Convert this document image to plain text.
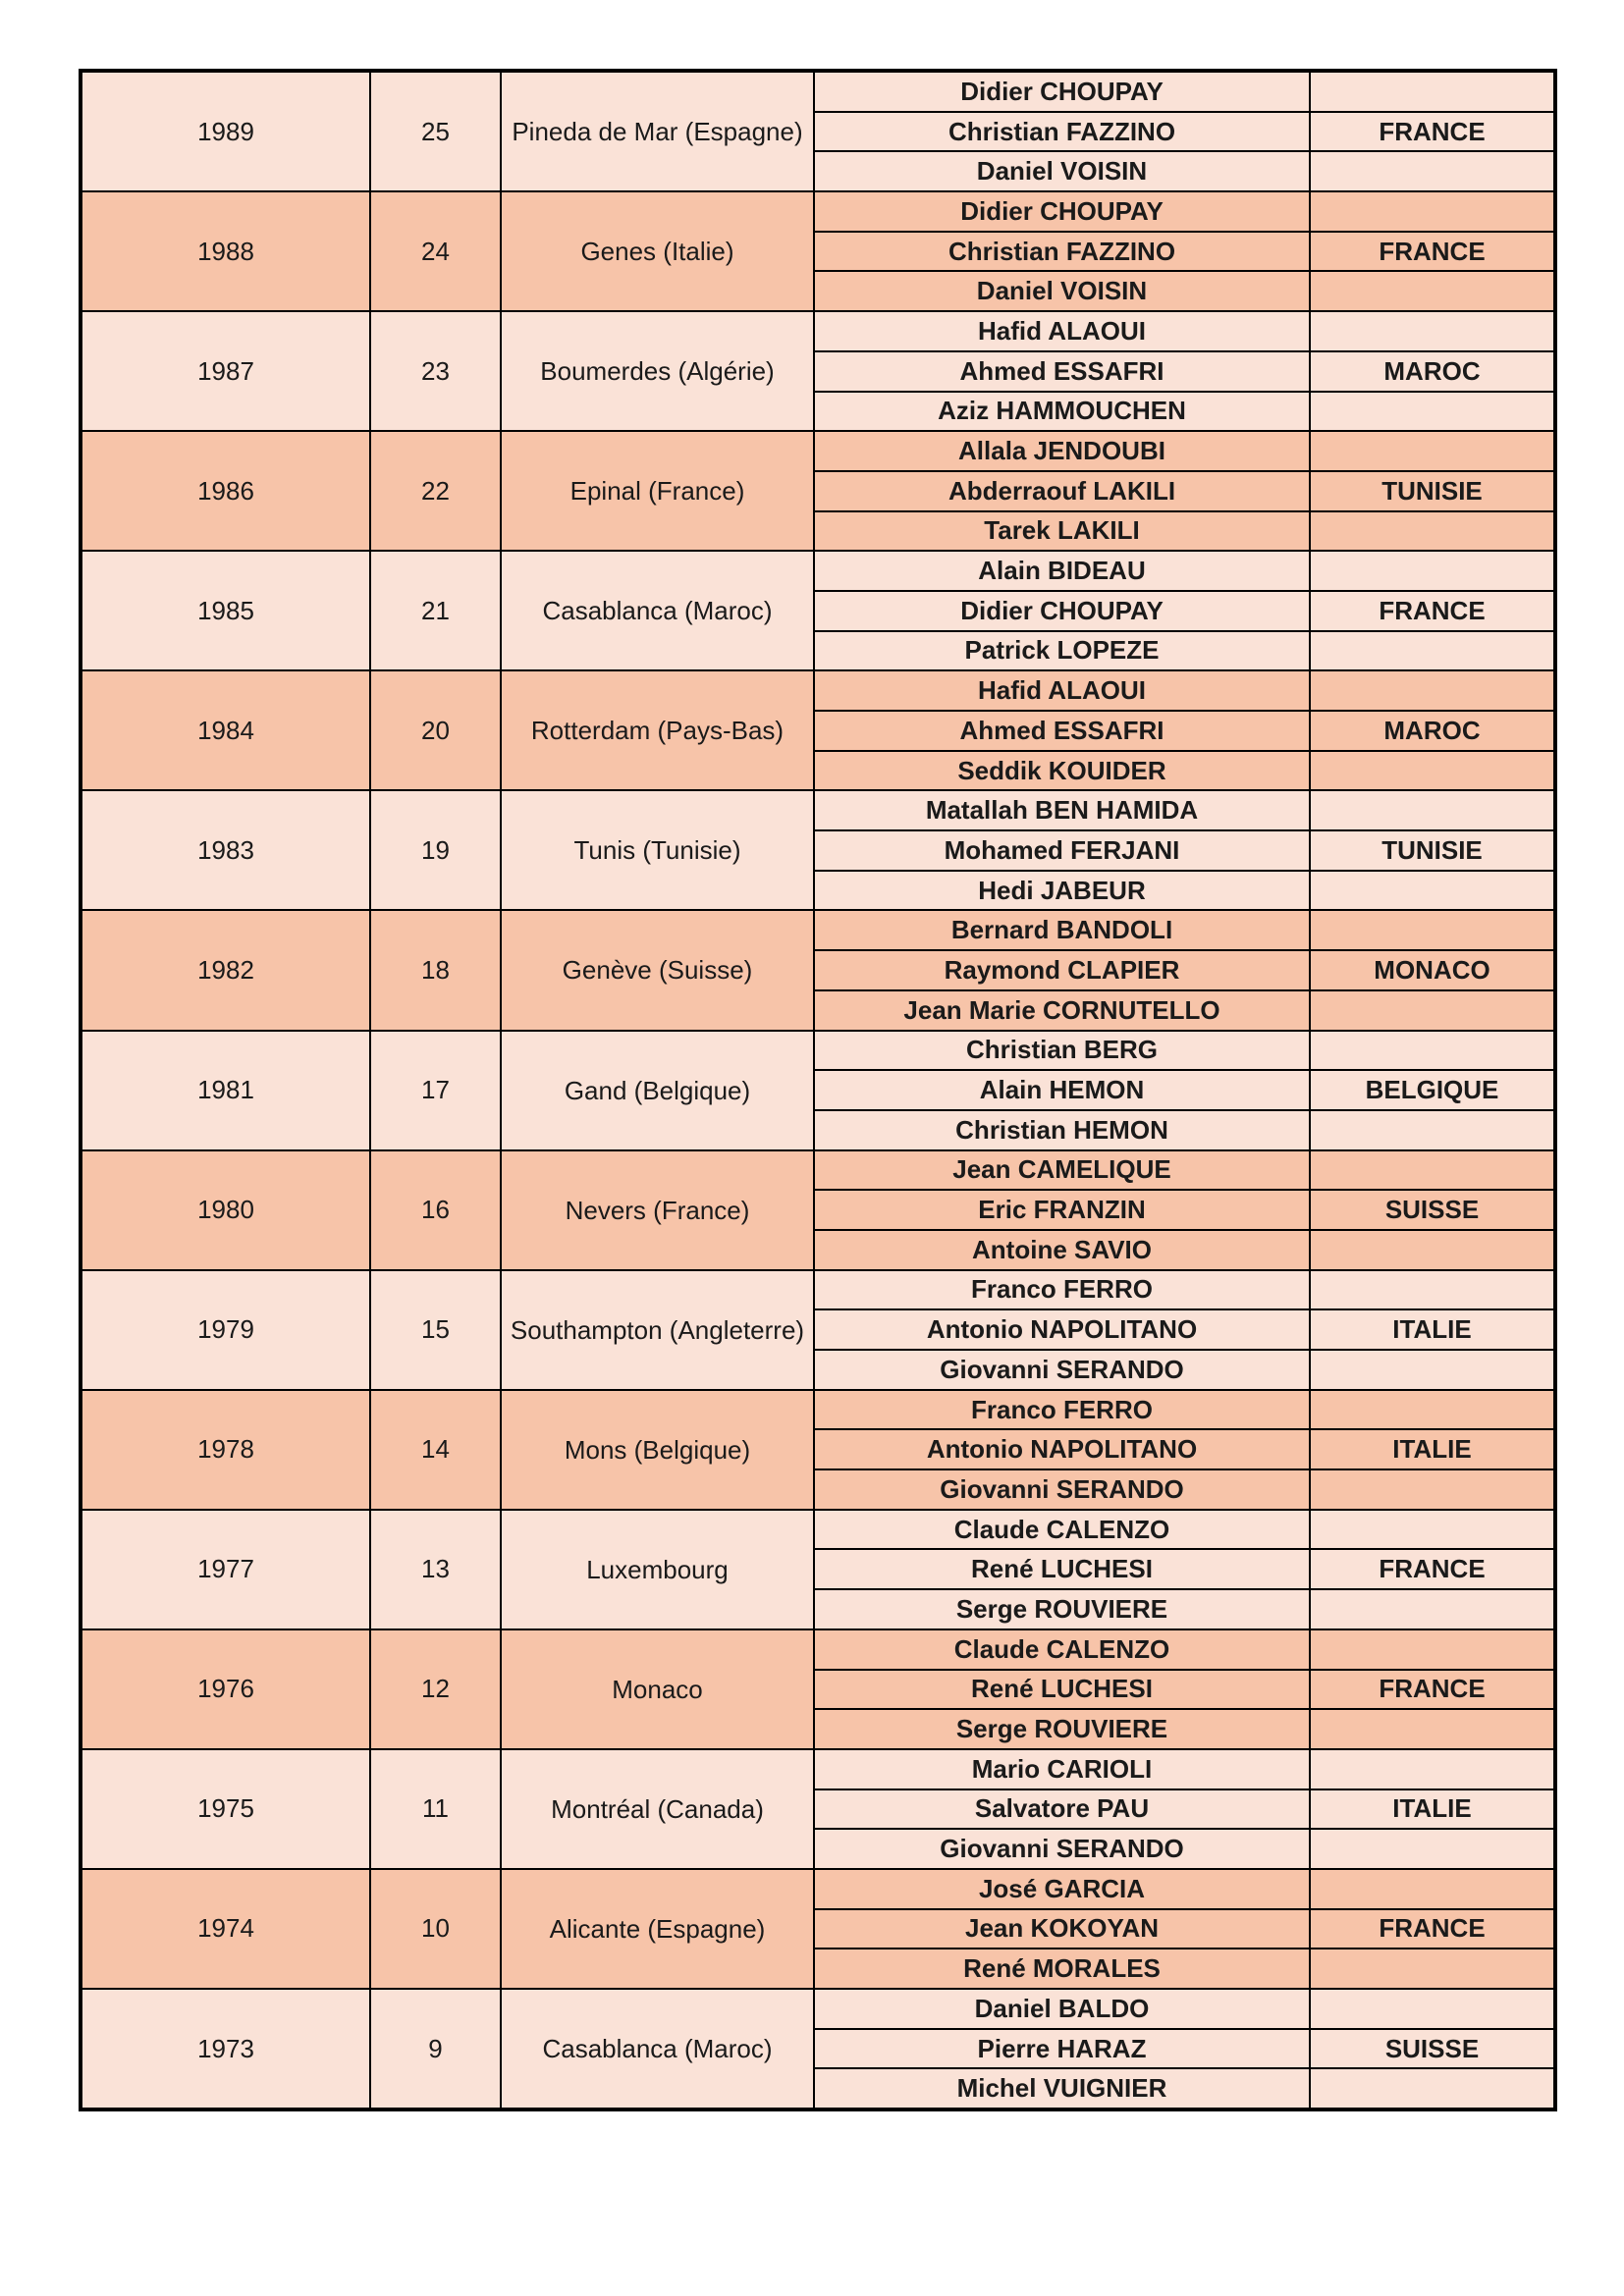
1989	25	Pineda de Mar (Espagne)	Didier CHOUPAY	
			Christian FAZZINO	FRANCE
			Daniel VOISIN	
1988	24	Genes (Italie)	Didier CHOUPAY	
			Christian FAZZINO	FRANCE
			Daniel VOISIN	
1987	23	Boumerdes (Algérie)	Hafid ALAOUI	
			Ahmed ESSAFRI	MAROC
			Aziz HAMMOUCHEN	
1986	22	Epinal (France)	Allala JENDOUBI	
			Abderraouf LAKILI	TUNISIE
			Tarek LAKILI	
1985	21	Casablanca (Maroc)	Alain BIDEAU	
			Didier CHOUPAY	FRANCE
			Patrick LOPEZE	
1984	20	Rotterdam (Pays-Bas)	Hafid ALAOUI	
			Ahmed ESSAFRI	MAROC
			Seddik KOUIDER	
1983	19	Tunis (Tunisie)	Matallah BEN HAMIDA	
			Mohamed FERJANI	TUNISIE
			Hedi JABEUR	
1982	18	Genève (Suisse)	Bernard BANDOLI	
			Raymond CLAPIER	MONACO
			Jean Marie CORNUTELLO	
1981	17	Gand (Belgique)	Christian BERG	
			Alain HEMON	BELGIQUE
			Christian HEMON	
1980	16	Nevers (France)	Jean CAMELIQUE	
			Eric FRANZIN	SUISSE
			Antoine SAVIO	
1979	15	Southampton (Angleterre)	Franco FERRO	
			Antonio NAPOLITANO	ITALIE
			Giovanni SERANDO	
1978	14	Mons (Belgique)	Franco FERRO	
			Antonio NAPOLITANO	ITALIE
			Giovanni SERANDO	
1977	13	Luxembourg	Claude CALENZO	
			René LUCHESI	FRANCE
			Serge ROUVIERE	
1976	12	Monaco	Claude CALENZO	
			René LUCHESI	FRANCE
			Serge ROUVIERE	
1975	11	Montréal (Canada)	Mario CARIOLI	
			Salvatore PAU	ITALIE
			Giovanni SERANDO	
1974	10	Alicante (Espagne)	José GARCIA	
			Jean KOKOYAN	FRANCE
			René MORALES	
1973	9	Casablanca (Maroc)	Daniel BALDO	
			Pierre HARAZ	SUISSE
			Michel VUIGNIER	
